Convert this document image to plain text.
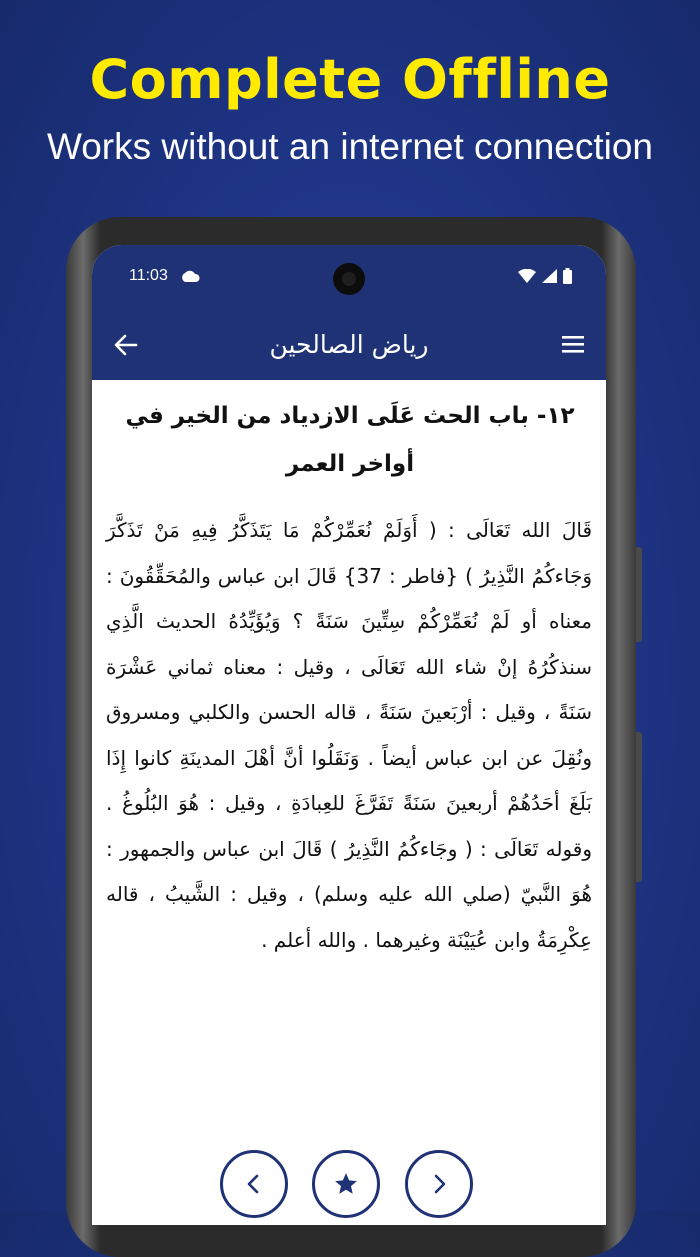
Complete Offline
Works without an internet connection
11:03
رياض الصالحين
١٢- باب الحث عَلَى الازدياد من الخير في أواخر العمر
قَالَ الله تَعَالَى : ( أَوَلَمْ نُعَمِّرْكُمْ مَا يَتَذَكَّرُ فِيهِ مَنْ تَذَكَّرَ وَجَاءكُمُ النَّذِيرُ ) {فاطر : 37} قَالَ ابن عباس والمُحَقِّقُونَ : معناه أو لَمْ نُعَمِّرْكُمْ سِتِّينَ سَنَةً ؟ وَيُؤَيِّدُهُ الحديث الَّذِي سنذكُرُهُ إنْ شاء الله تَعَالَى ، وقيل : معناه ثماني عَشْرَة سَنَةً ، وقيل : أرْبَعينَ سَنَةً ، قاله الحسن والكلبي ومسروق ونُقِلَ عن ابن عباس أيضاً . وَنَقَلُوا أنَّ أهْلَ المدينَةِ كانوا إِذَا بَلَغَ أحَدُهُمْ أربعينَ سَنَةً تَفَرَّغَ للعِبادَةِ ، وقيل : هُوَ البُلُوغُ . وقوله تَعَالَى : ( وجَاءكُمُ النَّذِيرُ ) قَالَ ابن عباس والجمهور : هُوَ النَّبيّ (صلي الله عليه وسلم) ، وقيل : الشَّيبُ ، قاله عِكْرِمَةُ وابن عُيَيْنَة وغيرهما . والله أعلم .
